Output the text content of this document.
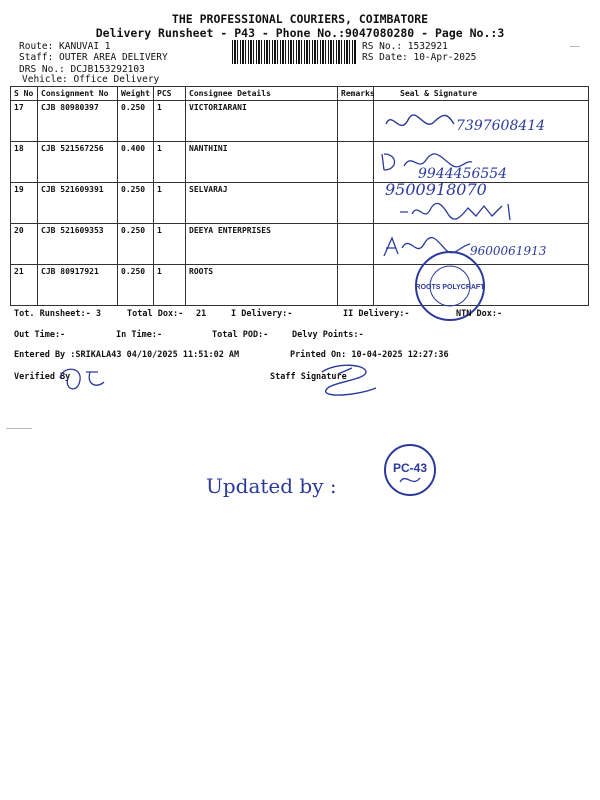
THE PROFESSIONAL COURIERS, COIMBATORE
Delivery Runsheet - P43 - Phone No.:9047080280 - Page No.:3
Route: KANUVAI 1
Staff: OUTER AREA DELIVERY
DRS No.: DCJB153292103
Vehicle: Office Delivery
RS No.: 1532921
RS Date: 10-Apr-2025
S No	Consignment No	Weight	PCS	Consignee Details	Remarks	Seal & Signature
17	CJB 80980397	0.250	1	VICTORIARANI		
18	CJB 521567256	0.400	1	NANTHINI		
19	CJB 521609391	0.250	1	SELVARAJ		
20	CJB 521609353	0.250	1	DEEYA ENTERPRISES		
21	CJB 80917921	0.250	1	ROOTS		
7397608414
9944456554
9500918070
9600061913
ROOTS POLYCRAFT
Tot. Runsheet:- 3	Total Dox:- 21	I Delivery:-	II Delivery:-	NTN Dox:-
Out Time:-	In Time:-	Total POD:-	Delvy Points:-
Entered By :SRIKALA43 04/10/2025 11:51:02 AM	Printed On: 10-04-2025 12:27:36
Verified By	Staff Signature
PC-43
Updated by :
